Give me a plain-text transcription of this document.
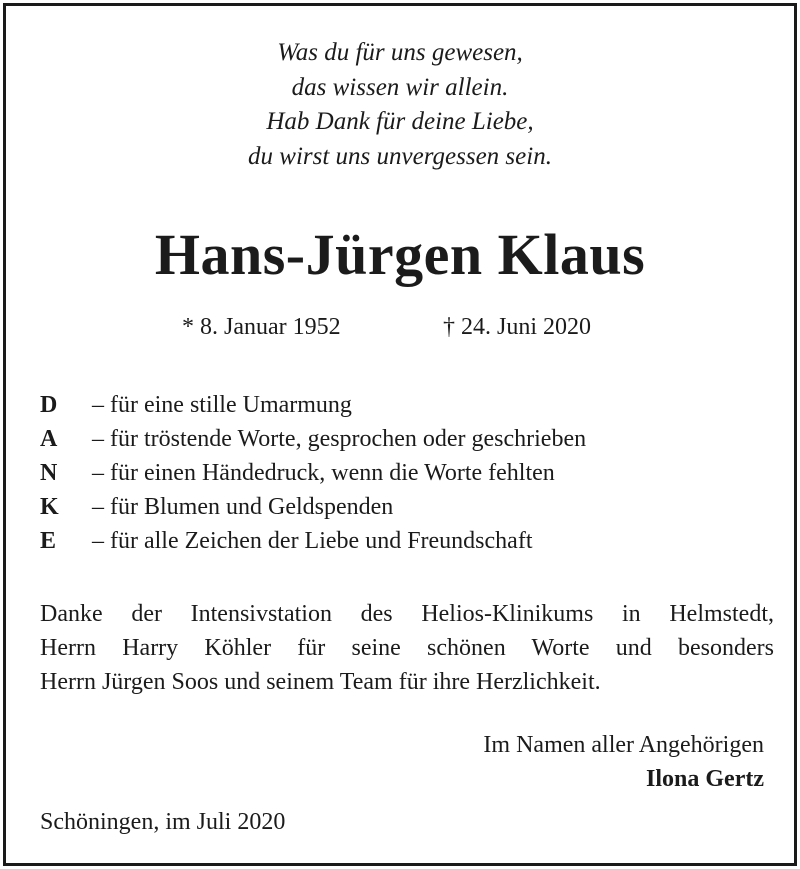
Was du für uns gewesen,
das wissen wir allein.
Hab Dank für deine Liebe,
du wirst uns unvergessen sein.
Hans-Jürgen Klaus
* 8. Januar 1952	† 24. Juni 2020
D	– für eine stille Umarmung
A	– für tröstende Worte, gesprochen oder geschrieben
N	– für einen Händedruck, wenn die Worte fehlten
K	– für Blumen und Geldspenden
E	– für alle Zeichen der Liebe und Freundschaft
Danke der Intensivstation des Helios-Klinikums in Helmstedt,
Herrn Harry Köhler für seine schönen Worte und besonders
Herrn Jürgen Soos und seinem Team für ihre Herzlichkeit.
Im Namen aller Angehörigen
Ilona Gertz
Schöningen, im Juli 2020
